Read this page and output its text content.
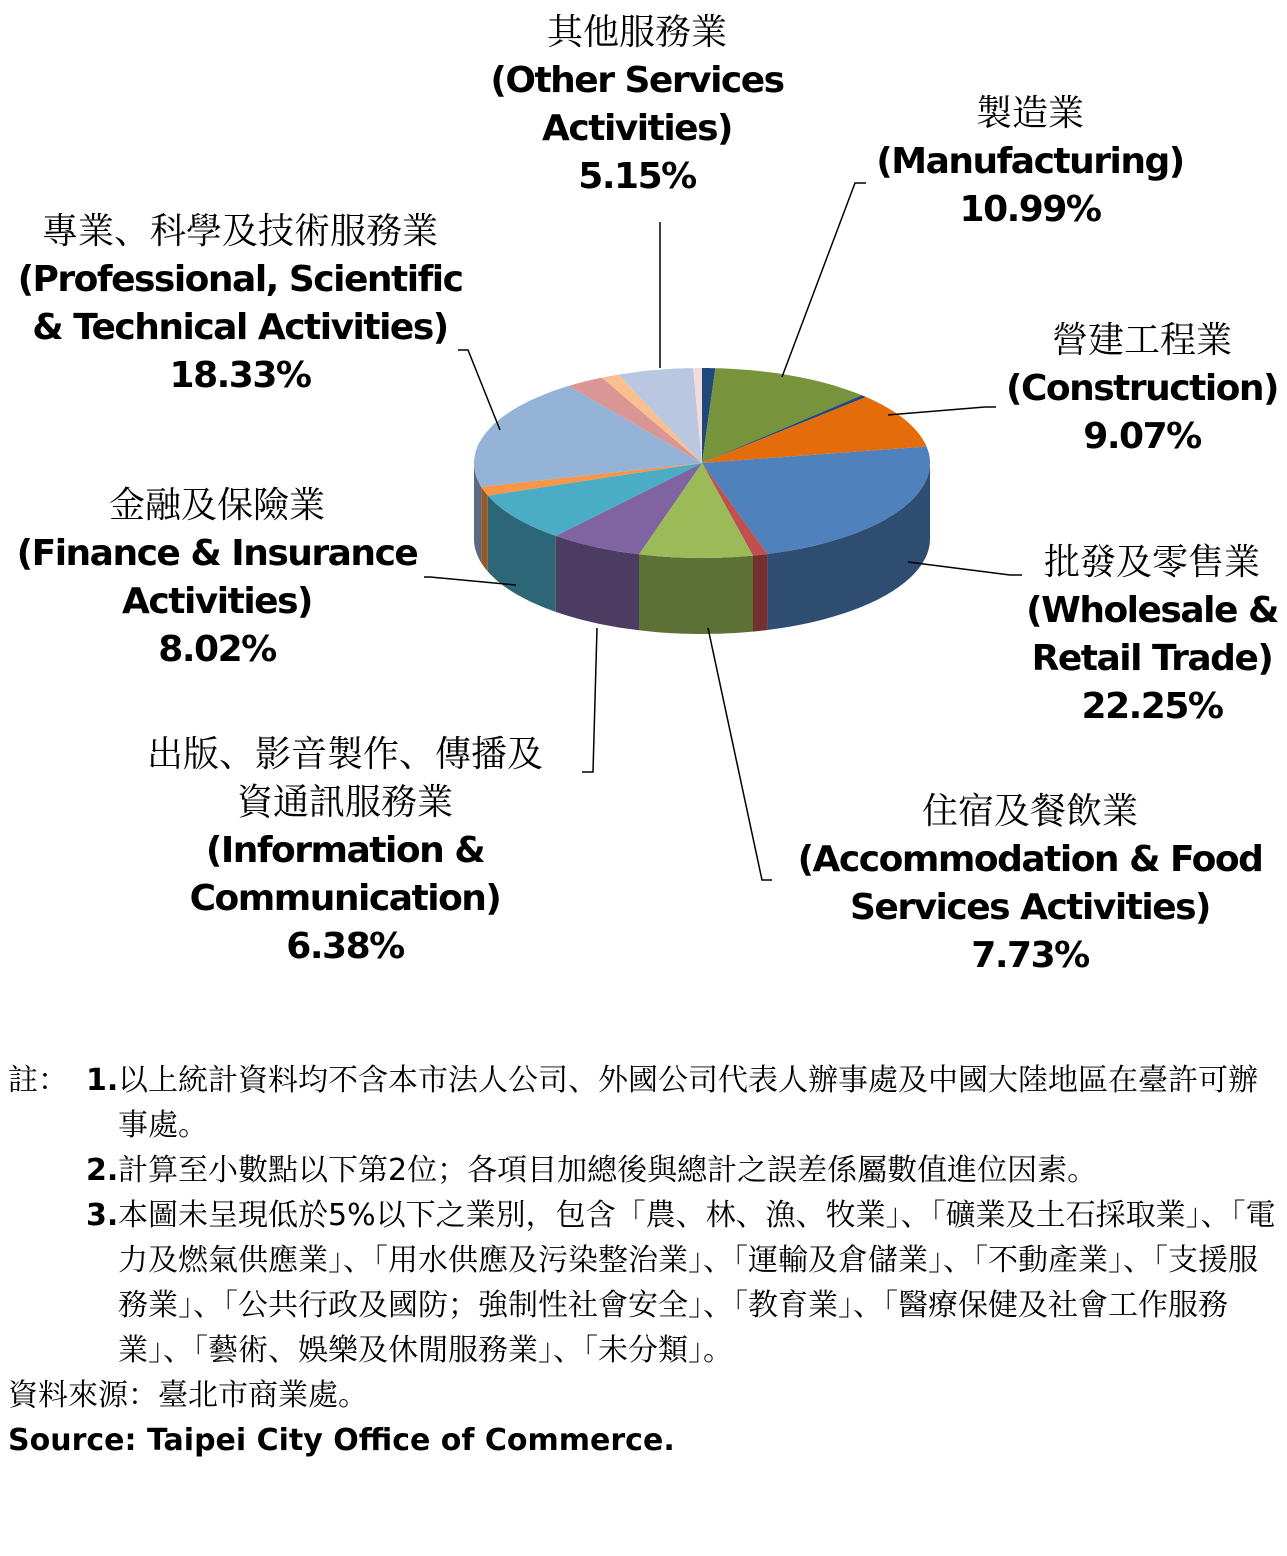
製造業
(Manufacturing)
10.99%
營建工程業
(Construction)
9.07%
批發及零售業
(Wholesale &
Retail Trade)
22.25%
住宿及餐飲業
(Accommodation & Food
Services Activities)
7.73%
出版、影音製作、傳播及
資通訊服務業
(Information &
Communication)
6.38%
金融及保險業
(Finance & Insurance
Activities)
8.02%
專業、科學及技術服務業
(Professional, Scientific
& Technical Activities)
18.33%
其他服務業
(Other Services
Activities)
5.15%
1. 以上統計資料均不含本市法人公司、外國公司代表人辦事處及中國大陸地區在臺許可辦事處。
2. 計算至小數點以下第2位；各項目加總後與總計之誤差係屬數值進位因素。
3. 本圖未呈現低於5%以下之業別，包含「農、林、漁、牧業」、「礦業及土石採取業」、「電力及燃氣供應業」、「用水供應及污染整治業」、「運輸及倉儲業」、「不動產業」、「支援服務業」、「公共行政及國防；強制性社會安全」、「教育業」、「醫療保健及社會工作服務業」、「藝術、娛樂及休閒服務業」、「未分類」。
資料來源：臺北市商業處。
Source: Taipei City Office of Commerce.
註：
